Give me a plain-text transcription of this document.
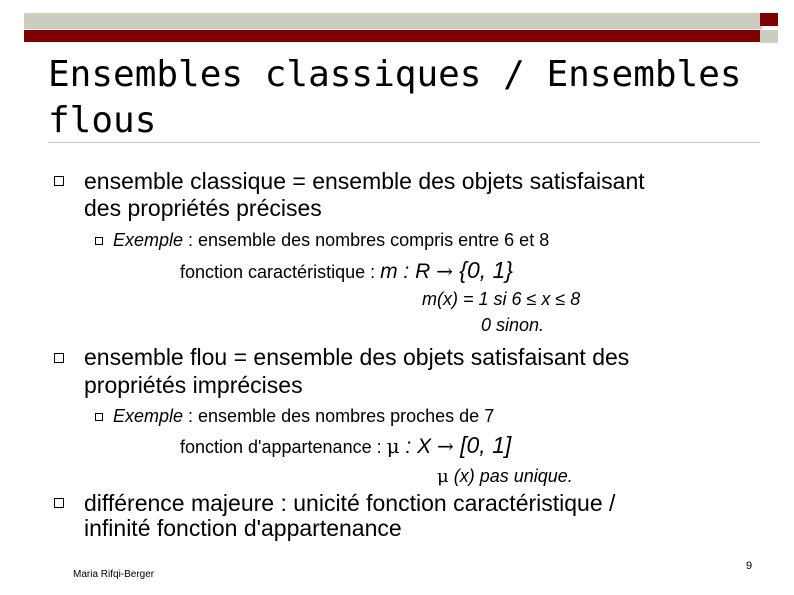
Ensembles classiques / Ensembles flous
ensemble classique = ensemble des objets satisfaisant
des propriétés précises
Exemple : ensemble des nombres compris entre 6 et 8
fonction caractéristique : m : R → {0, 1}
m(x) = 1 si 6 ≤ x ≤ 8
0 sinon.
ensemble flou = ensemble des objets satisfaisant des
propriétés imprécises
Exemple : ensemble des nombres proches de 7
fonction d'appartenance : μ : X → [0, 1]
μ (x) pas unique.
différence majeure : unicité fonction caractéristique /
infinité fonction d'appartenance
Maria Rifqi-Berger
9
